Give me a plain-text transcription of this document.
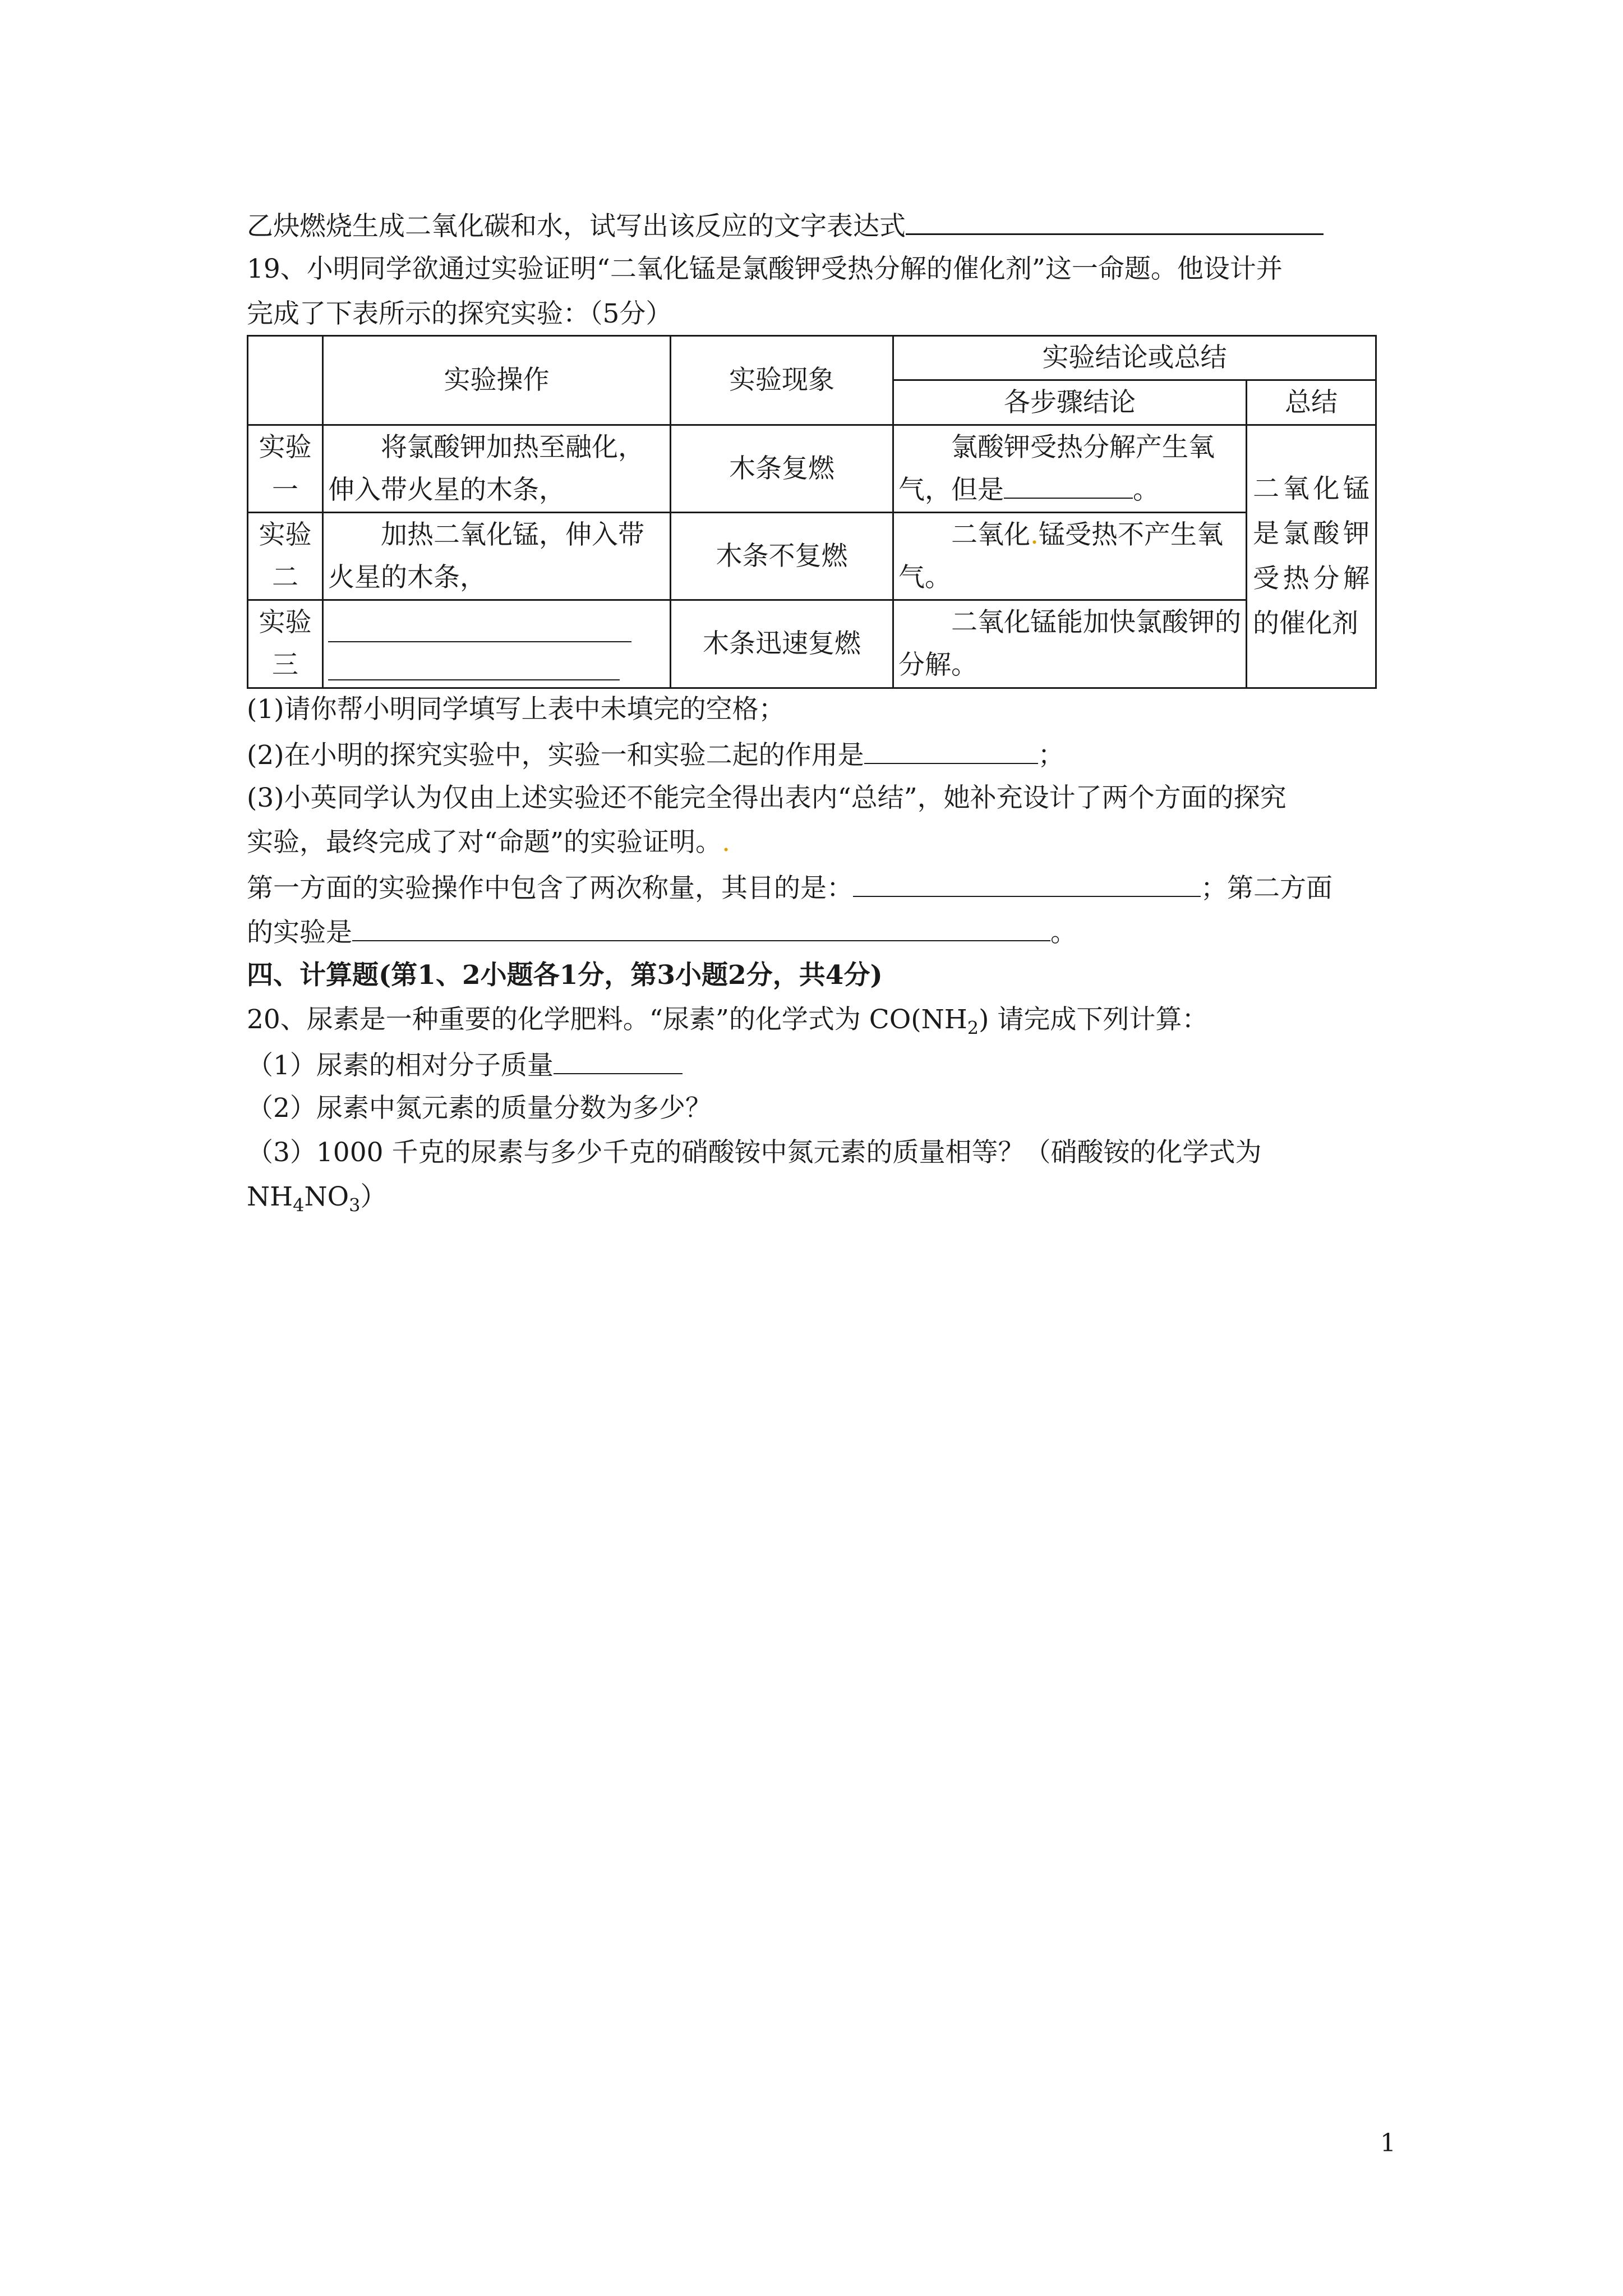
乙炔燃烧生成二氧化碳和水，试写出该反应的文字表达式
19、小明同学欲通过实验证明“二氧化锰是氯酸钾受热分解的催化剂”这一命题。他设计并
完成了下表所示的探究实验：（5分）
	实验操作	实验现象	实验结论或总结	
			各步骤结论	总结
实验一	将氯酸钾加热至融化，伸入带火星的木条，	木条复燃	氯酸钾受热分解产生氧气，但是 。	二氧化锰是氯酸钾受热分解的催化剂

实验二	加热二氧化锰，伸入带火星的木条，	木条不复燃	二氧化.锰受热不产生氧气。	
实验三		木条迅速复燃	二氧化锰能加快氯酸钾的分解。	
(1)请你帮小明同学填写上表中未填完的空格；
(2)在小明的探究实验中，实验一和实验二起的作用是	；
(3)小英同学认为仅由上述实验还不能完全得出表内“总结”，她补充设计了两个方面的探究
实验，最终完成了对“命题”的实验证明。.
第一方面的实验操作中包含了两次称量，其目的是：	；第二方面
的实验是	。
四、计算题(第1、2小题各1分，第3小题2分，共4分)
20、尿素是一种重要的化学肥料。“尿素”的化学式为 $CO(NH_2)$ 请完成下列计算：
（1）尿素的相对分子质量
（2）尿素中氮元素的质量分数为多少？
（3）1000 千克的尿素与多少千克的硝酸铵中氮元素的质量相等？（硝酸铵的化学式为
$NH_4NO_3$）
1
